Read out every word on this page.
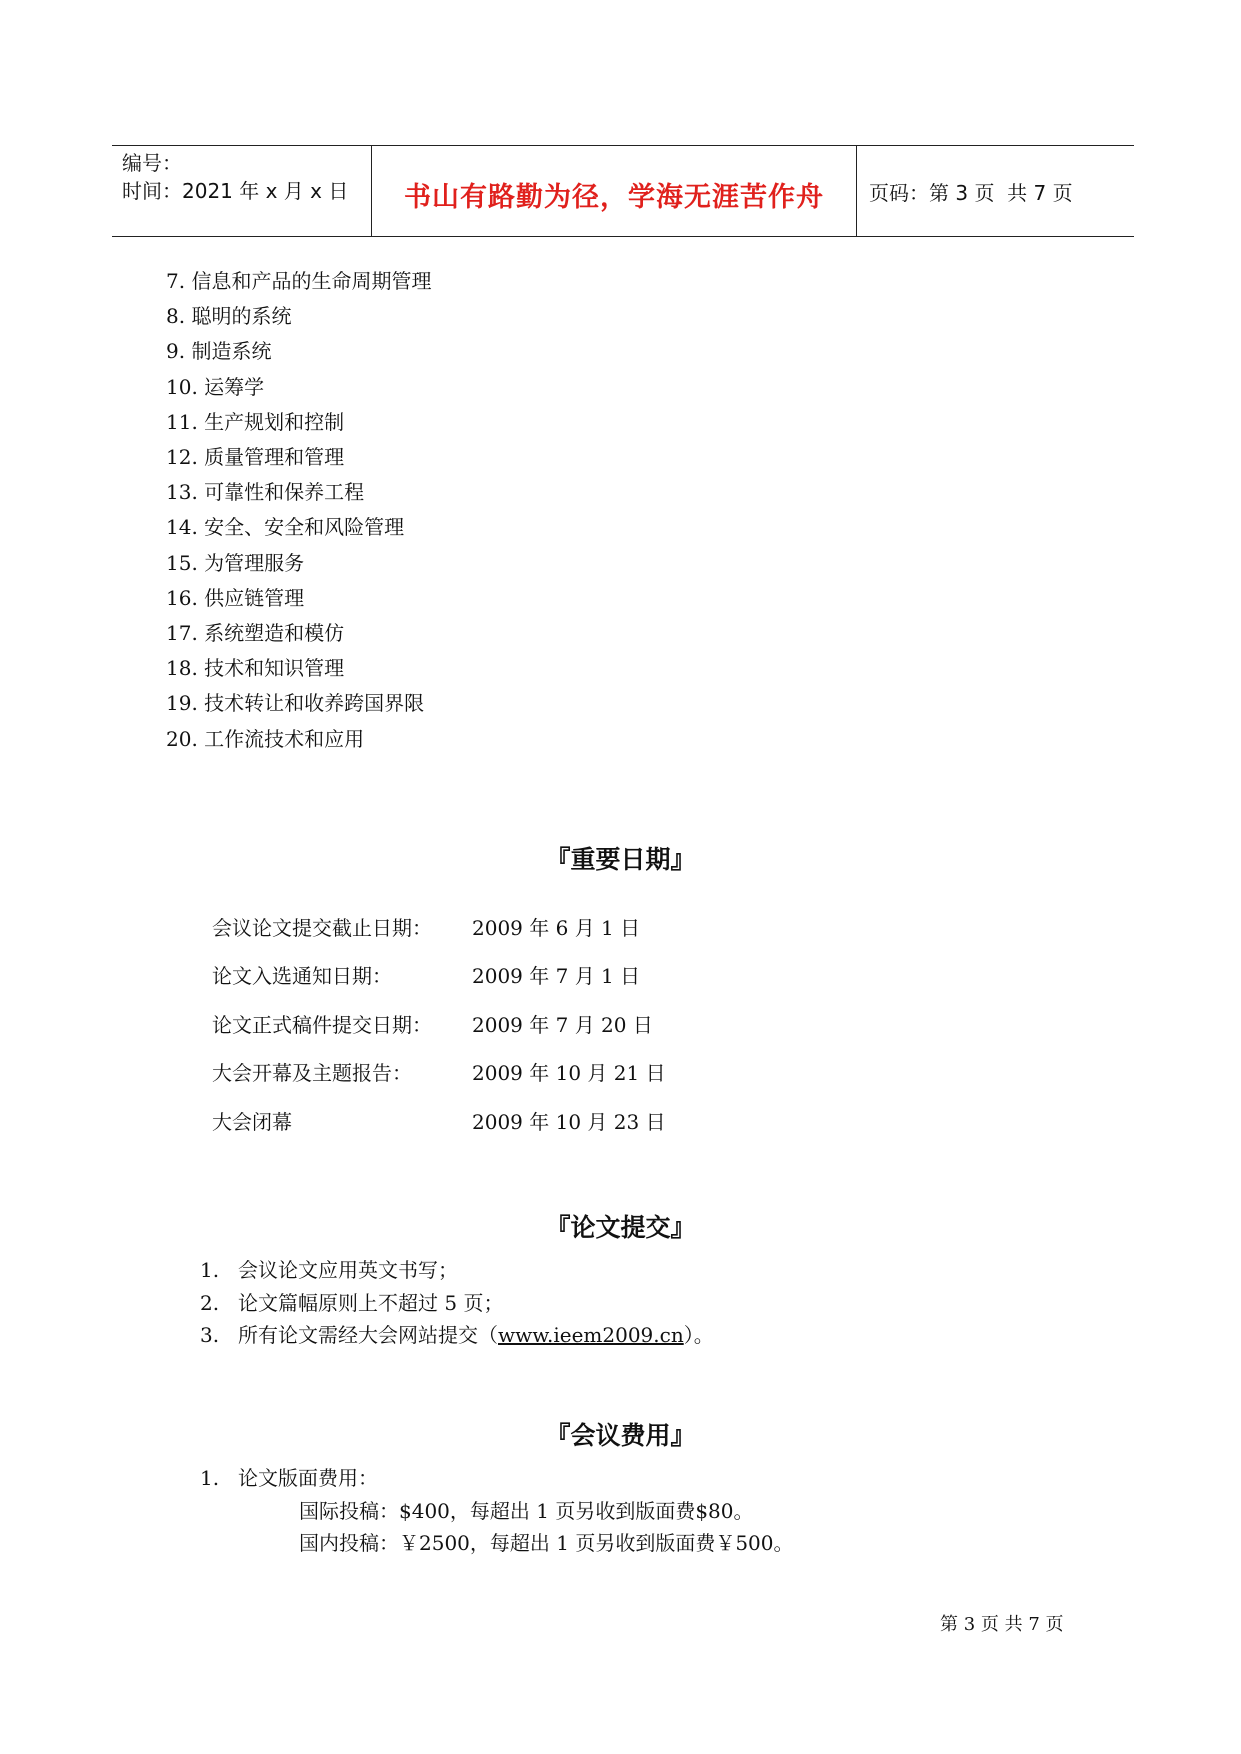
编号：
时间：2021 年 x 月 x 日	书山有路勤为径，学海无涯苦作舟 页码：第 3 页  共 7 页
7. 信息和产品的生命周期管理
8. 聪明的系统
9. 制造系统
10. 运筹学
11. 生产规划和控制
12. 质量管理和管理
13. 可靠性和保养工程
14. 安全、安全和风险管理
15. 为管理服务
16. 供应链管理
17. 系统塑造和模仿
18. 技术和知识管理
19. 技术转让和收养跨国界限
20. 工作流技术和应用
『重要日期』
会议论文提交截止日期：	2009 年 6 月 1 日
论文入选通知日期：	2009 年 7 月 1 日
论文正式稿件提交日期：	2009 年 7 月 20 日
大会开幕及主题报告：	2009 年 10 月 21 日
大会闭幕	2009 年 10 月 23 日
『论文提交』
1. 会议论文应用英文书写；
2. 论文篇幅原则上不超过 5 页；
3. 所有论文需经大会网站提交（www.ieem2009.cn）。
『会议费用』
1. 论文版面费用：
国际投稿：$400，每超出 1 页另收到版面费$80。
国内投稿：￥2500，每超出 1 页另收到版面费￥500。
第 3 页 共 7 页
